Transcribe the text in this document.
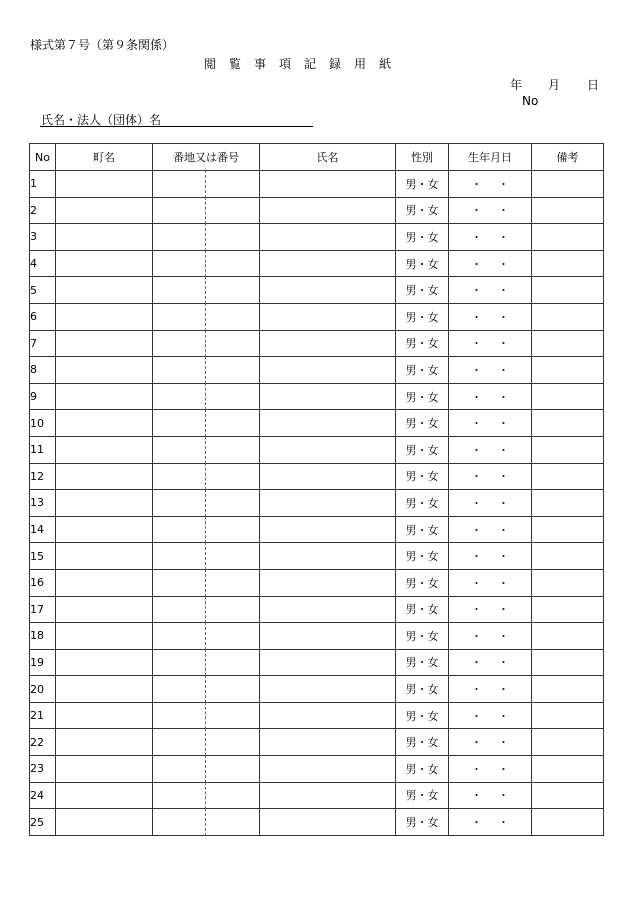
様式第７号（第９条関係）
閲覧事項記録用紙
年 月 日
No
氏名・法人（団体）名
No	町名	番地又は番号	氏名	性別	生年月日	備考
1				男・女	・・	
2				男・女	・・	
3				男・女	・・	
4				男・女	・・	
5				男・女	・・	
6				男・女	・・	
7				男・女	・・	
8				男・女	・・	
9				男・女	・・	
10				男・女	・・	
11				男・女	・・	
12				男・女	・・	
13				男・女	・・	
14				男・女	・・	
15				男・女	・・	
16				男・女	・・	
17				男・女	・・	
18				男・女	・・	
19				男・女	・・	
20				男・女	・・	
21				男・女	・・	
22				男・女	・・	
23				男・女	・・	
24				男・女	・・	
25				男・女	・・	
